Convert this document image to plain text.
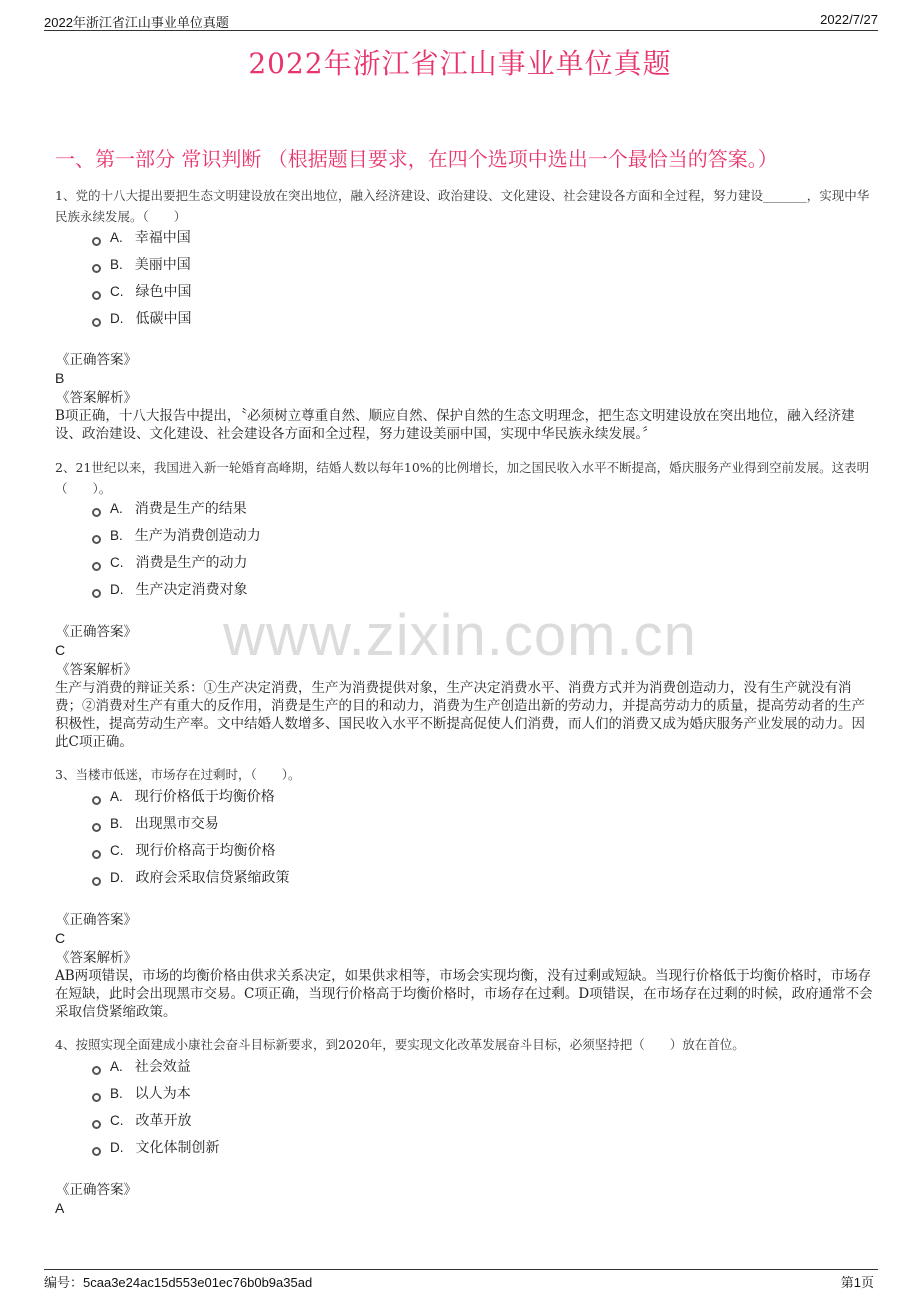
2022年浙江省江山事业单位真题	2022/7/27
2022年浙江省江山事业单位真题
一、第一部分 常识判断 （根据题目要求，在四个选项中选出一个最恰当的答案。）
www.zixin.com.cn
1、党的十八大提出要把生态文明建设放在突出地位，融入经济建设、政治建设、文化建设、社会建设各方面和全过程，努力建设_______，实现中华民族永续发展。（　　）
A. 幸福中国
B. 美丽中国
C. 绿色中国
D. 低碳中国
《正确答案》
B
《答案解析》
B项正确，十八大报告中提出，〝必须树立尊重自然、顺应自然、保护自然的生态文明理念，把生态文明建设放在突出地位，融入经济建设、政治建设、文化建设、社会建设各方面和全过程，努力建设美丽中国，实现中华民族永续发展。〞
2、21世纪以来，我国进入新一轮婚育高峰期，结婚人数以每年10%的比例增长，加之国民收入水平不断提高，婚庆服务产业得到空前发展。这表明（　　）。
A. 消费是生产的结果
B. 生产为消费创造动力
C. 消费是生产的动力
D. 生产决定消费对象
《正确答案》
C
《答案解析》
生产与消费的辩证关系：①生产决定消费，生产为消费提供对象，生产决定消费水平、消费方式并为消费创造动力，没有生产就没有消费；②消费对生产有重大的反作用，消费是生产的目的和动力，消费为生产创造出新的劳动力，并提高劳动力的质量，提高劳动者的生产积极性，提高劳动生产率。文中结婚人数增多、国民收入水平不断提高促使人们消费，而人们的消费又成为婚庆服务产业发展的动力。因此C项正确。
3、当楼市低迷，市场存在过剩时，（　　）。
A. 现行价格低于均衡价格
B. 出现黑市交易
C. 现行价格高于均衡价格
D. 政府会采取信贷紧缩政策
《正确答案》
C
《答案解析》
AB两项错误，市场的均衡价格由供求关系决定，如果供求相等，市场会实现均衡，没有过剩或短缺。当现行价格低于均衡价格时，市场存在短缺，此时会出现黑市交易。C项正确，当现行价格高于均衡价格时，市场存在过剩。D项错误，在市场存在过剩的时候，政府通常不会采取信贷紧缩政策。
4、按照实现全面建成小康社会奋斗目标新要求，到2020年，要实现文化改革发展奋斗目标，必须坚持把（　　）放在首位。
A. 社会效益
B. 以人为本
C. 改革开放
D. 文化体制创新
《正确答案》
A
编号：5caa3e24ac15d553e01ec76b0b9a35ad	第1页
